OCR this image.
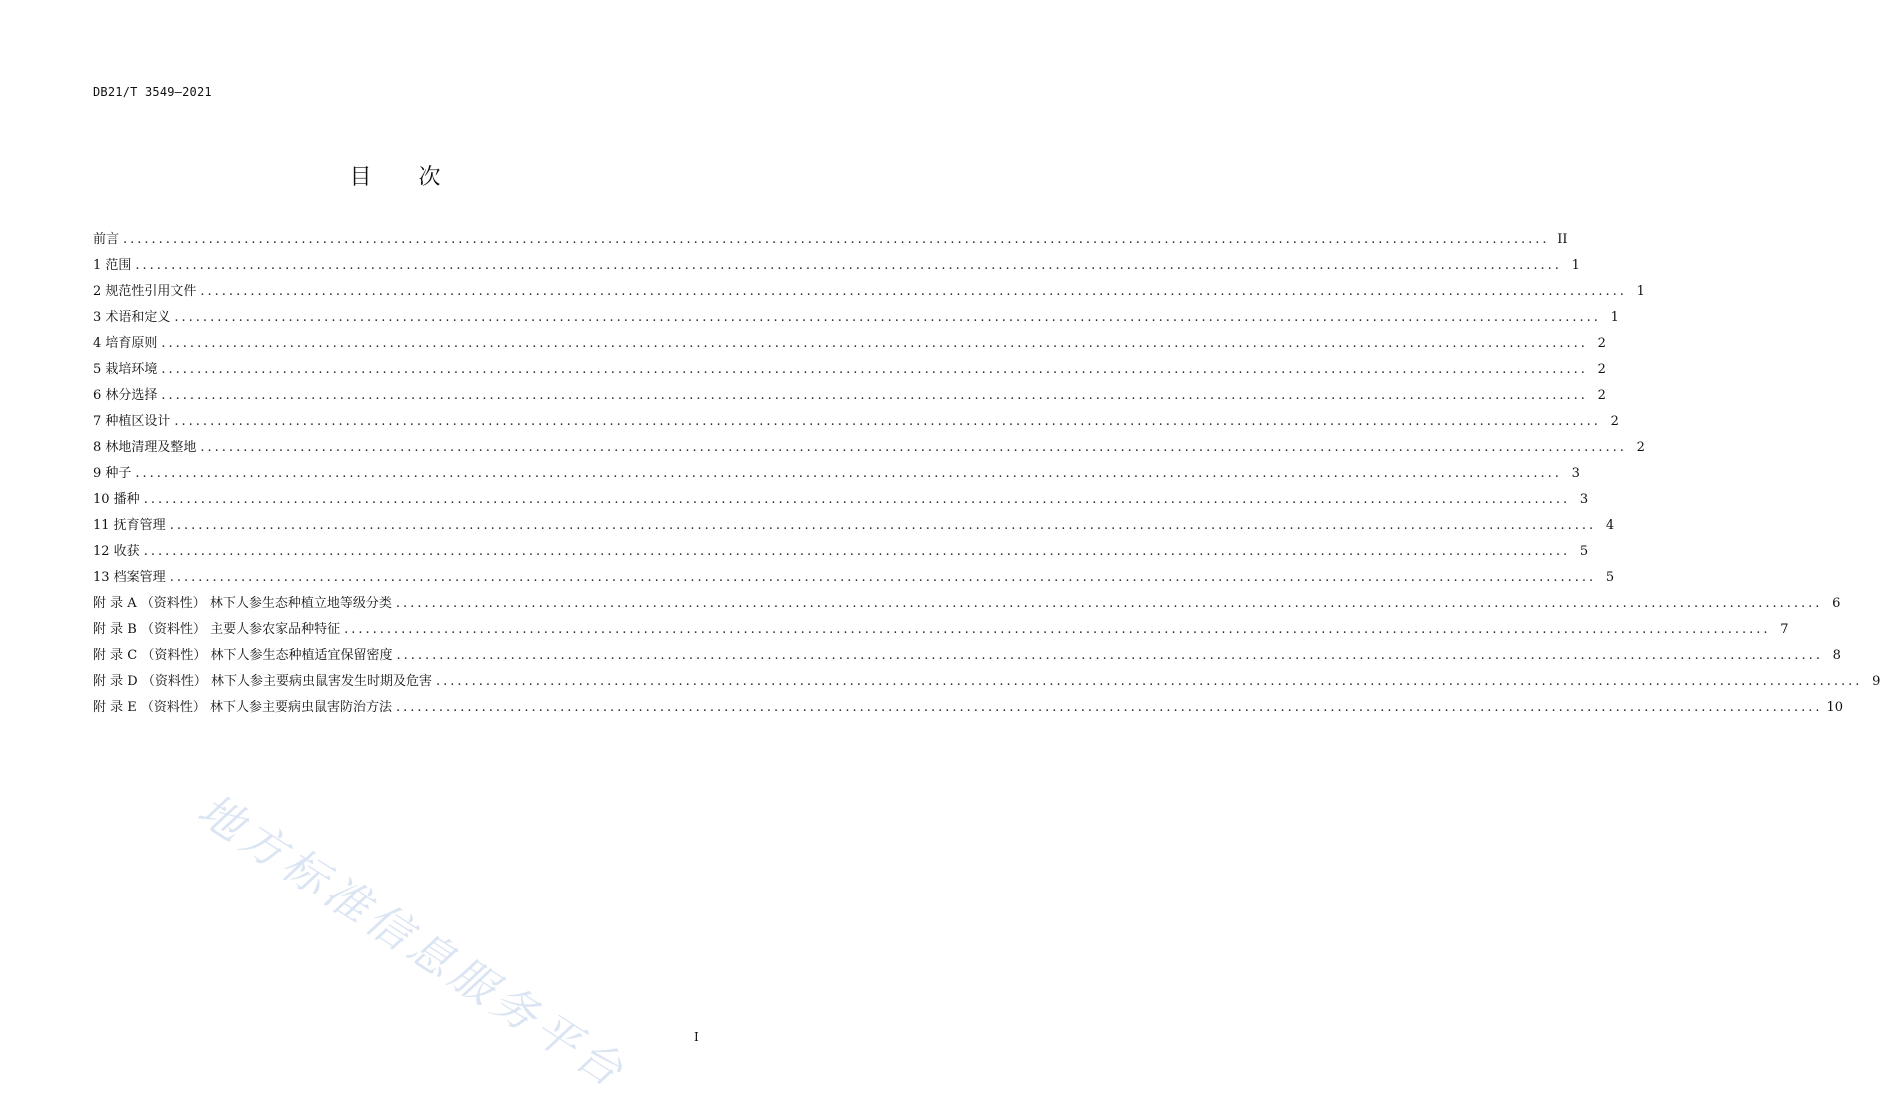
DB21/T 3549—2021
目 次
前言 ........................................................................................................................................................................................................ II
1 范围 ........................................................................................................................................................................................................ 1
2 规范性引用文件 ........................................................................................................................................................................................................ 1
3 术语和定义 ........................................................................................................................................................................................................ 1
4 培育原则 ........................................................................................................................................................................................................ 2
5 栽培环境 ........................................................................................................................................................................................................ 2
6 林分选择 ........................................................................................................................................................................................................ 2
7 种植区设计 ........................................................................................................................................................................................................ 2
8 林地清理及整地 ........................................................................................................................................................................................................ 2
9 种子 ........................................................................................................................................................................................................ 3
10 播种 ........................................................................................................................................................................................................ 3
11 抚育管理 ........................................................................................................................................................................................................ 4
12 收获 ........................................................................................................................................................................................................ 5
13 档案管理 ........................................................................................................................................................................................................ 5
附 录 A （资料性） 林下人参生态种植立地等级分类 ........................................................................................................................................................................................................ 6
附 录 B （资料性） 主要人参农家品种特征 ........................................................................................................................................................................................................ 7
附 录 C （资料性） 林下人参生态种植适宜保留密度 ........................................................................................................................................................................................................ 8
附 录 D （资料性） 林下人参主要病虫鼠害发生时期及危害 ........................................................................................................................................................................................................ 9
附 录 E （资料性） 林下人参主要病虫鼠害防治方法 ........................................................................................................................................................................................................ 10
I
地方标准信息服务平台
